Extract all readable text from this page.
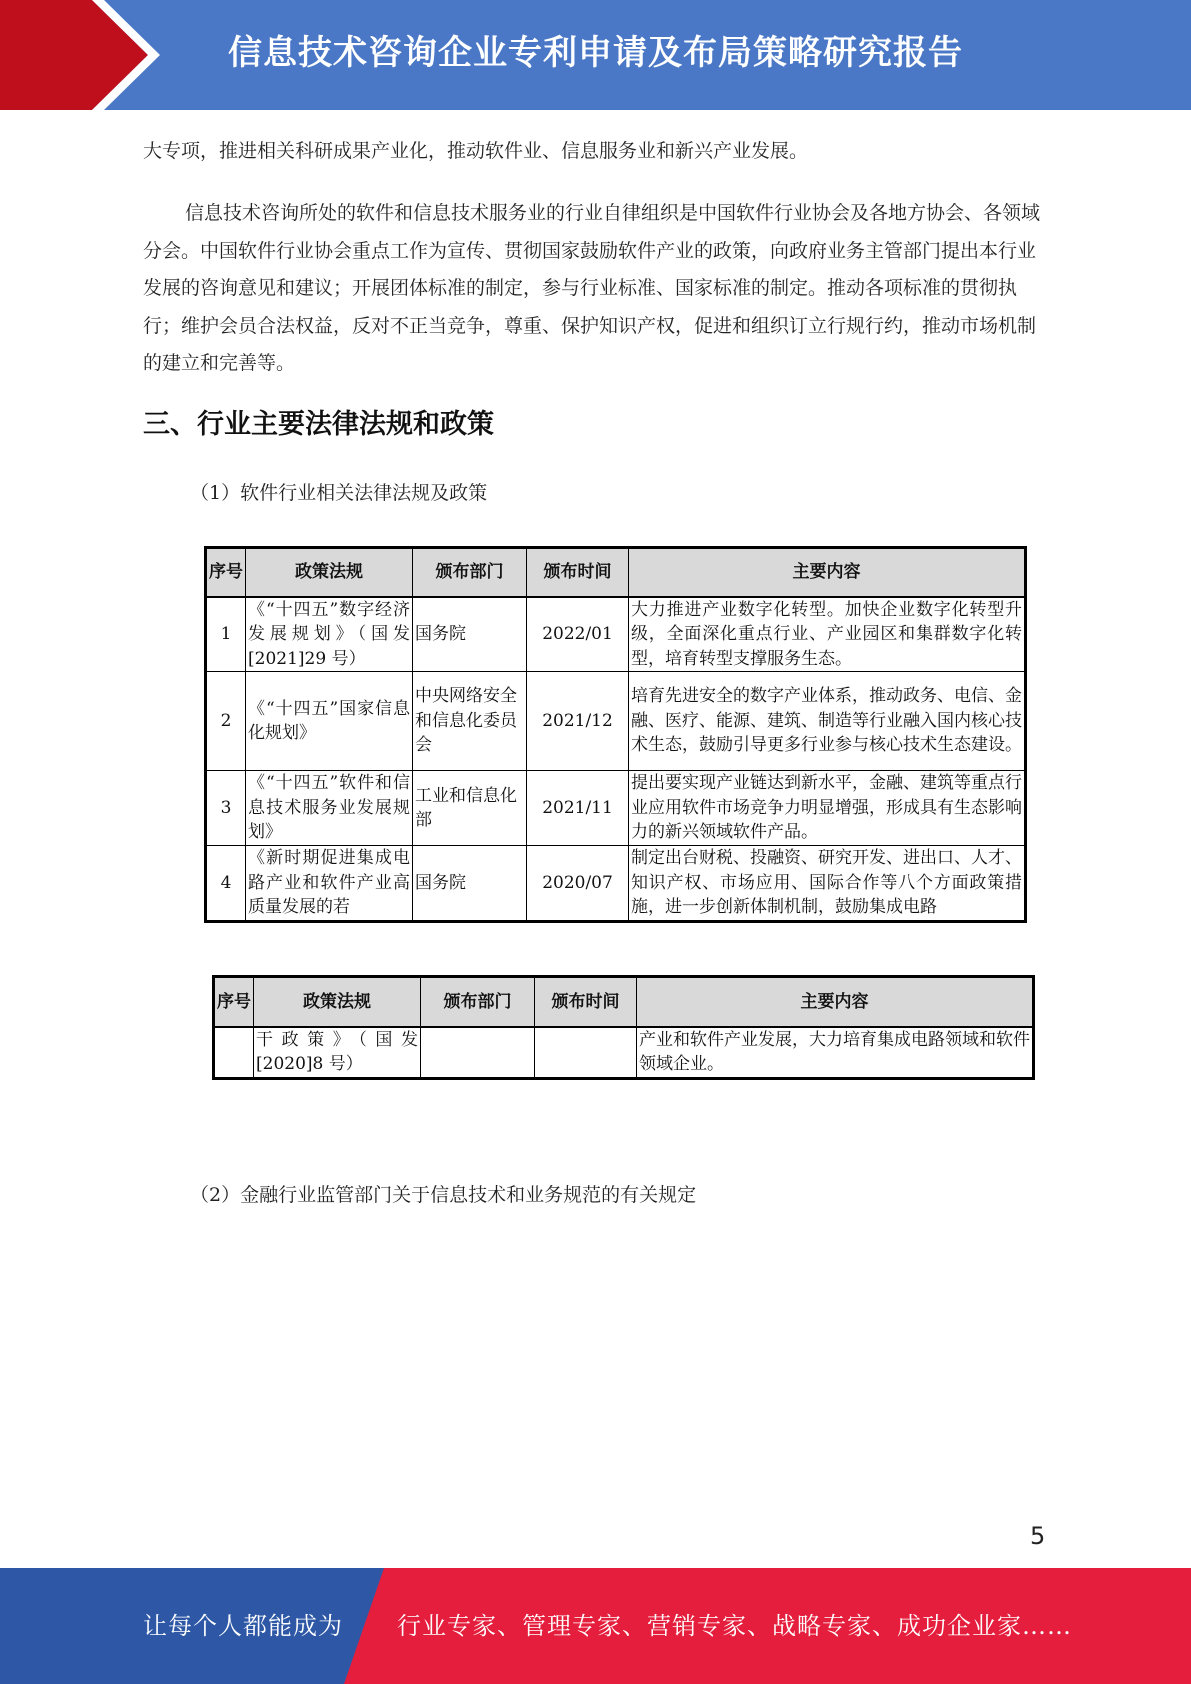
信息技术咨询企业专利申请及布局策略研究报告

大专项，推进相关科研成果产业化，推动软件业、信息服务业和新兴产业发展。

信息技术咨询所处的软件和信息技术服务业的行业自律组织是中国软件行业协会及各地方协会、各领域分会。中国软件行业协会重点工作为宣传、贯彻国家鼓励软件产业的政策，向政府业务主管部门提出本行业发展的咨询意见和建议；开展团体标准的制定，参与行业标准、国家标准的制定。推动各项标准的贯彻执行；维护会员合法权益，反对不正当竞争，尊重、保护知识产权，促进和组织订立行规行约，推动市场机制的建立和完善等。

三、行业主要法律法规和政策

（1）软件行业相关法律法规及政策

序号	政策法规	颁布部门	颁布时间	主要内容
1	《“十四五”数字经济发展规划》（国发[2021]29 号）	国务院	2022/01	大力推进产业数字化转型。加快企业数字化转型升级，全面深化重点行业、产业园区和集群数字化转型，培育转型支撑服务生态。
2	《“十四五”国家信息化规划》	中央网络安全和信息化委员会	2021/12	培育先进安全的数字产业体系，推动政务、电信、金融、医疗、能源、建筑、制造等行业融入国内核心技术生态，鼓励引导更多行业参与核心技术生态建设。
3	《“十四五”软件和信息技术服务业发展规划》	工业和信息化部	2021/11	提出要实现产业链达到新水平，金融、建筑等重点行业应用软件市场竞争力明显增强，形成具有生态影响力的新兴领域软件产品。
4	《新时期促进集成电路产业和软件产业高质量发展的若	国务院	2020/07	制定出台财税、投融资、研究开发、进出口、人才、知识产权、市场应用、国际合作等八个方面政策措施，进一步创新体制机制，鼓励集成电路
序号	政策法规	颁布部门	颁布时间	主要内容
	干政策》（国发[2020]8 号）			产业和软件产业发展，大力培育集成电路领域和软件领域企业。

（2）金融行业监管部门关于信息技术和业务规范的有关规定

5

让每个人都能成为 行业专家、管理专家、营销专家、战略专家、成功企业家……
